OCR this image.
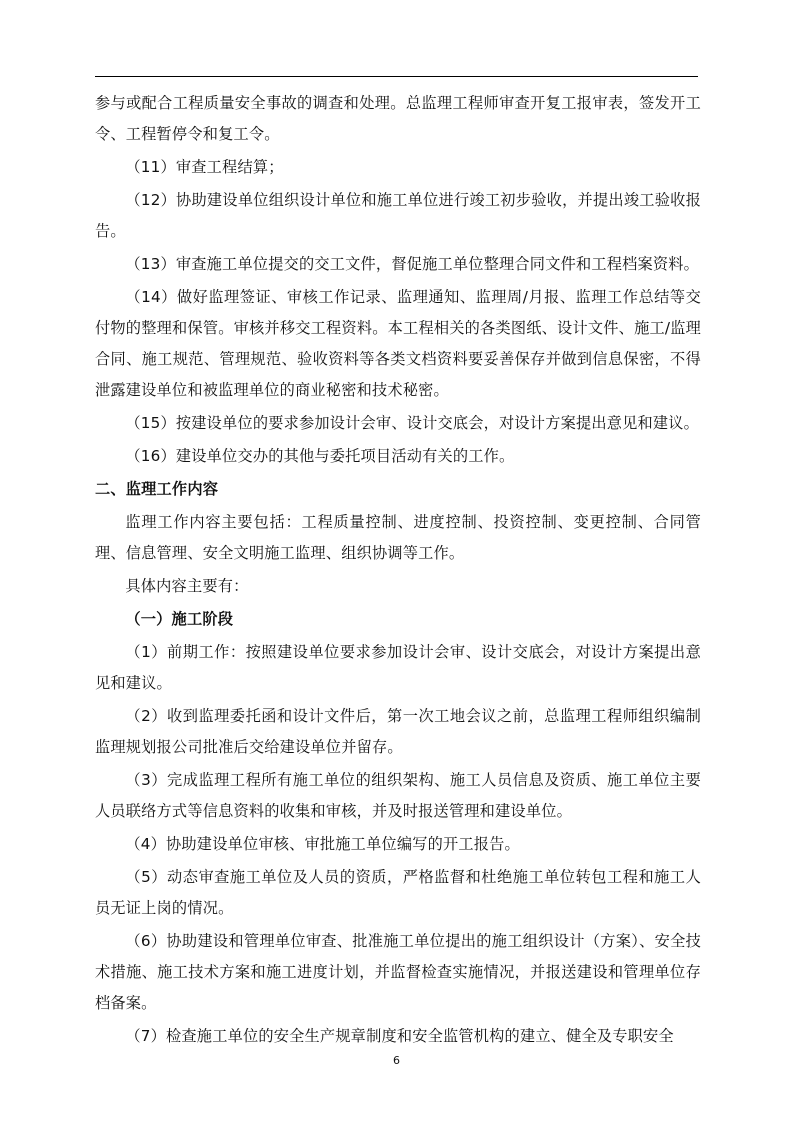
参与或配合工程质量安全事故的调查和处理。总监理工程师审查开复工报审表，签发开工令、工程暂停令和复工令。

（11）审查工程结算；

（12）协助建设单位组织设计单位和施工单位进行竣工初步验收，并提出竣工验收报告。

（13）审查施工单位提交的交工文件，督促施工单位整理合同文件和工程档案资料。

（14）做好监理签证、审核工作记录、监理通知、监理周/月报、监理工作总结等交付物的整理和保管。审核并移交工程资料。本工程相关的各类图纸、设计文件、施工/监理合同、施工规范、管理规范、验收资料等各类文档资料要妥善保存并做到信息保密，不得泄露建设单位和被监理单位的商业秘密和技术秘密。

（15）按建设单位的要求参加设计会审、设计交底会，对设计方案提出意见和建议。

（16）建设单位交办的其他与委托项目活动有关的工作。

二、监理工作内容

监理工作内容主要包括：工程质量控制、进度控制、投资控制、变更控制、合同管理、信息管理、安全文明施工监理、组织协调等工作。

具体内容主要有：

（一）施工阶段

（1）前期工作：按照建设单位要求参加设计会审、设计交底会，对设计方案提出意见和建议。

（2）收到监理委托函和设计文件后，第一次工地会议之前，总监理工程师组织编制监理规划报公司批准后交给建设单位并留存。

（3）完成监理工程所有施工单位的组织架构、施工人员信息及资质、施工单位主要人员联络方式等信息资料的收集和审核，并及时报送管理和建设单位。

（4）协助建设单位审核、审批施工单位编写的开工报告。

（5）动态审查施工单位及人员的资质，严格监督和杜绝施工单位转包工程和施工人员无证上岗的情况。

（6）协助建设和管理单位审查、批准施工单位提出的施工组织设计（方案）、安全技术措施、施工技术方案和施工进度计划，并监督检查实施情况，并报送建设和管理单位存档备案。

（7）检查施工单位的安全生产规章制度和安全监管机构的建立、健全及专职安全

6
